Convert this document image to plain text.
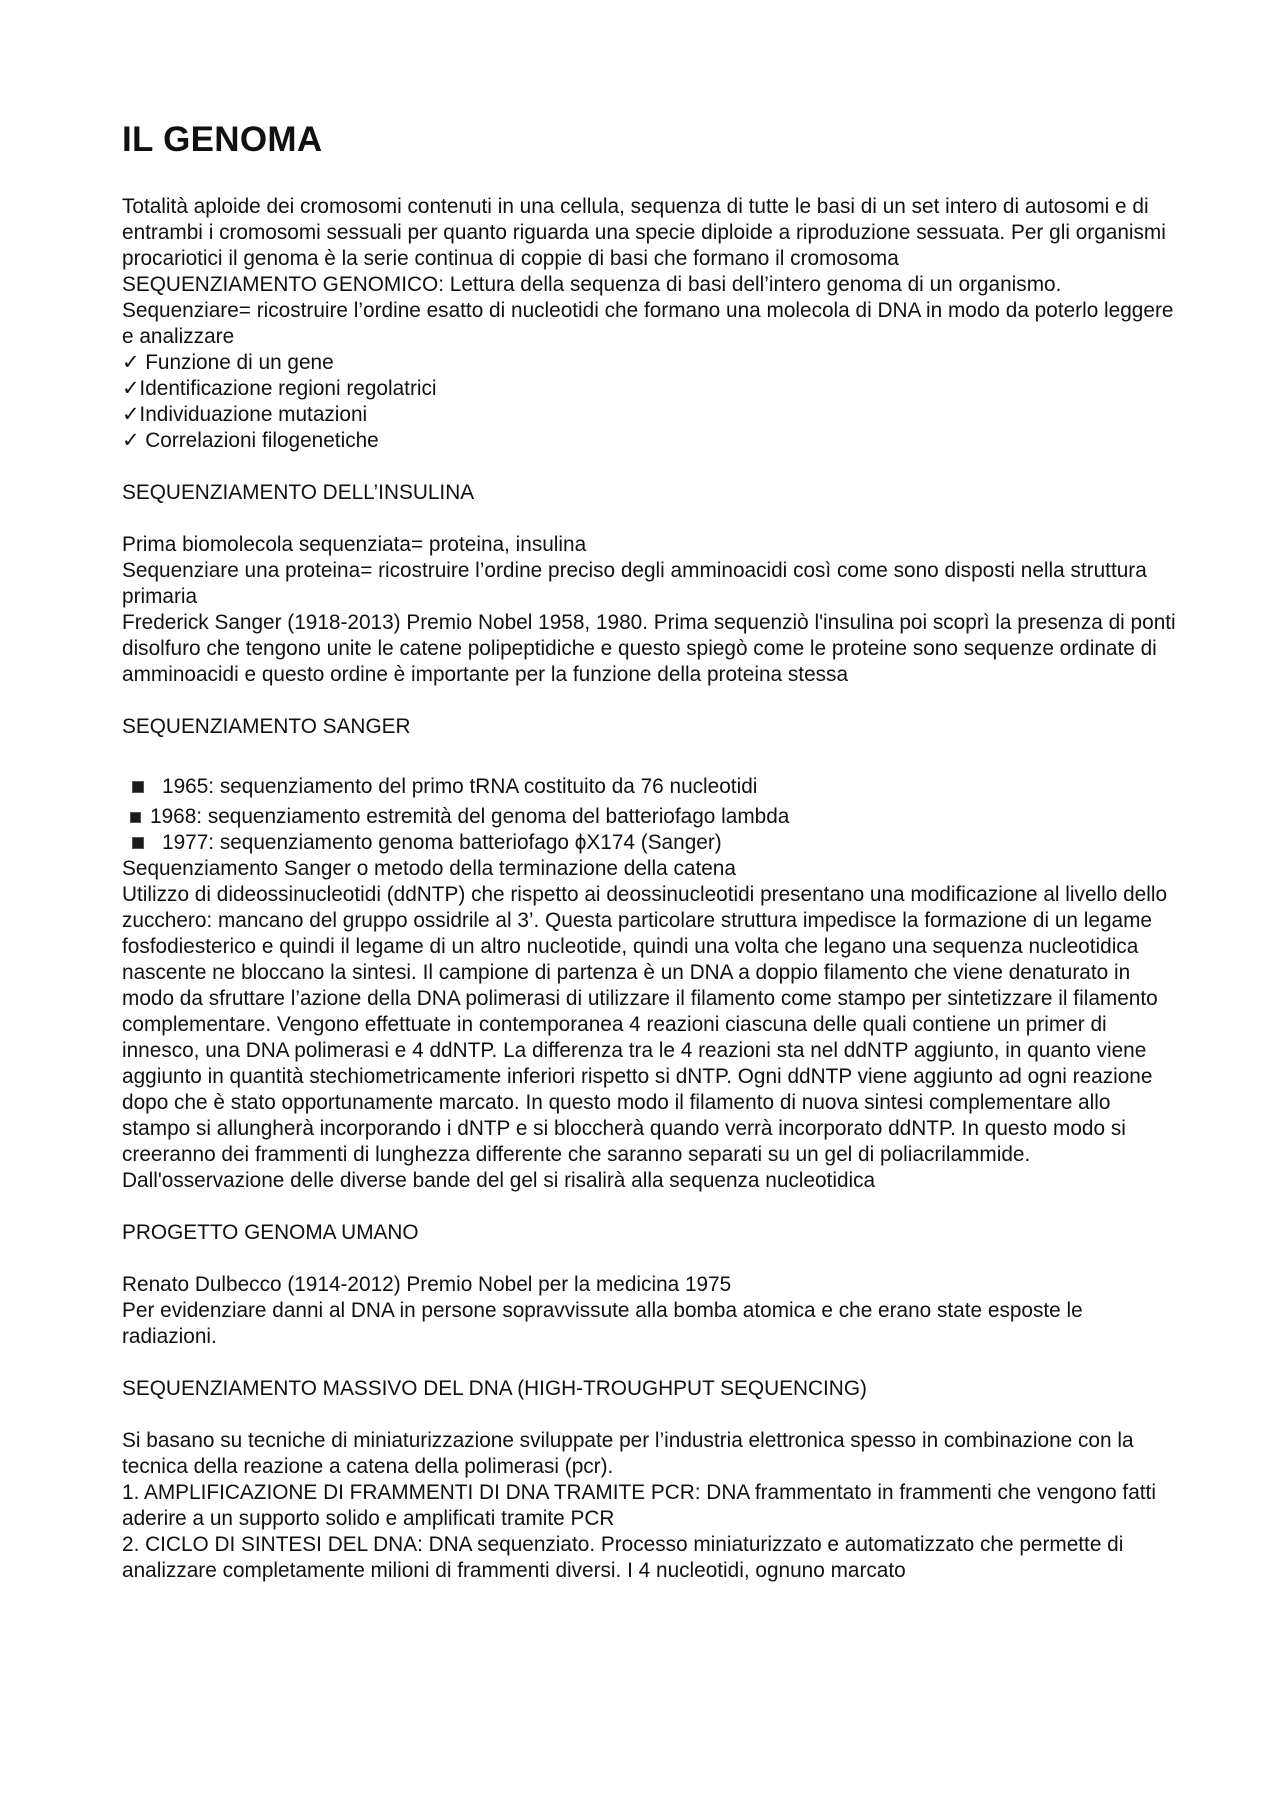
IL GENOMA

Totalità aploide dei cromosomi contenuti in una cellula, sequenza di tutte le basi di un set intero di autosomi e di entrambi i cromosomi sessuali per quanto riguarda una specie diploide a riproduzione sessuata. Per gli organismi procariotici il genoma è la serie continua di coppie di basi che formano il cromosoma

SEQUENZIAMENTO GENOMICO: Lettura della sequenza di basi dell’intero genoma di un organismo. Sequenziare= ricostruire l’ordine esatto di nucleotidi che formano una molecola di DNA in modo da poterlo leggere e analizzare

✓ Funzione di un gene

✓Identificazione regioni regolatrici

✓Individuazione mutazioni

✓ Correlazioni filogenetiche

SEQUENZIAMENTO DELL’INSULINA

Prima biomolecola sequenziata= proteina, insulina

Sequenziare una proteina= ricostruire l’ordine preciso degli amminoacidi così come sono disposti nella struttura primaria

Frederick Sanger (1918-2013) Premio Nobel 1958, 1980. Prima sequenziò l'insulina poi scoprì la presenza di ponti disolfuro che tengono unite le catene polipeptidiche e questo spiegò come le proteine sono sequenze ordinate di amminoacidi e questo ordine è importante per la funzione della proteina stessa

SEQUENZIAMENTO SANGER

1965: sequenziamento del primo tRNA costituito da 76 nucleotidi
1968: sequenziamento estremità del genoma del batteriofago lambda
1977: sequenziamento genoma batteriofago ϕX174 (Sanger)

Sequenziamento Sanger o metodo della terminazione della catena

Utilizzo di dideossinucleotidi (ddNTP) che rispetto ai deossinucleotidi presentano una modificazione al livello dello zucchero: mancano del gruppo ossidrile al 3’. Questa particolare struttura impedisce la formazione di un legame fosfodiesterico e quindi il legame di un altro nucleotide, quindi una volta che legano una sequenza nucleotidica nascente ne bloccano la sintesi. Il campione di partenza è un DNA a doppio filamento che viene denaturato in modo da sfruttare l’azione della DNA polimerasi di utilizzare il filamento come stampo per sintetizzare il filamento complementare. Vengono effettuate in contemporanea 4 reazioni ciascuna delle quali contiene un primer di innesco, una DNA polimerasi e 4 ddNTP. La differenza tra le 4 reazioni sta nel ddNTP aggiunto, in quanto viene aggiunto in quantità stechiometricamente inferiori rispetto si dNTP. Ogni ddNTP viene aggiunto ad ogni reazione dopo che è stato opportunamente marcato. In questo modo il filamento di nuova sintesi complementare allo stampo si allungherà incorporando i dNTP e si bloccherà quando verrà incorporato ddNTP. In questo modo si creeranno dei frammenti di lunghezza differente che saranno separati su un gel di poliacrilammide. Dall'osservazione delle diverse bande del gel si risalirà alla sequenza nucleotidica

PROGETTO GENOMA UMANO

Renato Dulbecco (1914-2012) Premio Nobel per la medicina 1975

Per evidenziare danni al DNA in persone sopravvissute alla bomba atomica e che erano state esposte le radiazioni.

SEQUENZIAMENTO MASSIVO DEL DNA (HIGH-TROUGHPUT SEQUENCING)

Si basano su tecniche di miniaturizzazione sviluppate per l’industria elettronica spesso in combinazione con la tecnica della reazione a catena della polimerasi (pcr).

1. AMPLIFICAZIONE DI FRAMMENTI DI DNA TRAMITE PCR: DNA frammentato in frammenti che vengono fatti aderire a un supporto solido e amplificati tramite PCR

2. CICLO DI SINTESI DEL DNA: DNA sequenziato. Processo miniaturizzato e automatizzato che permette di analizzare completamente milioni di frammenti diversi. I 4 nucleotidi, ognuno marcato
